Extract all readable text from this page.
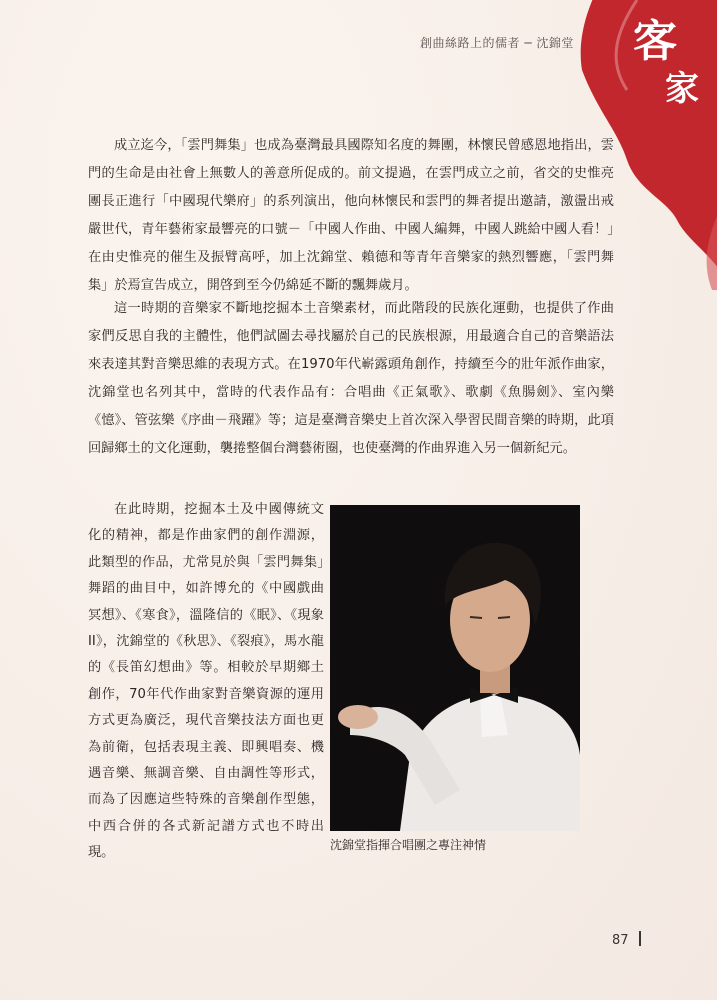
客
家
創曲絲路上的儒者 ─ 沈錦堂

成立迄今，「雲門舞集」也成為臺灣最具國際知名度的舞團，林懷民曾感恩地指出，雲門的生命是由社會上無數人的善意所促成的。前文提過，在雲門成立之前，省交的史惟亮團長正進行「中國現代樂府」的系列演出，他向林懷民和雲門的舞者提出邀請，激盪出戒嚴世代，青年藝術家最響亮的口號－「中國人作曲、中國人編舞，中國人跳給中國人看！」在由史惟亮的催生及振臂高呼，加上沈錦堂、賴德和等青年音樂家的熱烈響應，「雲門舞集」於焉宣告成立，開啓到至今仍綿延不斷的飄舞歲月。

這一時期的音樂家不斷地挖掘本土音樂素材，而此階段的民族化運動，也提供了作曲家們反思自我的主體性，他們試圖去尋找屬於自己的民族根源，用最適合自己的音樂語法來表達其對音樂思維的表現方式。在1970年代嶄露頭角創作，持續至今的壯年派作曲家，沈錦堂也名列其中，當時的代表作品有：合唱曲《正氣歌》、歌劇《魚腸劍》、室內樂《憶》、管弦樂《序曲－飛躍》等；這是臺灣音樂史上首次深入學習民間音樂的時期，此項回歸鄉土的文化運動，襲捲整個台灣藝術圈，也使臺灣的作曲界進入另一個新紀元。

在此時期，挖掘本土及中國傳統文化的精神，都是作曲家們的創作淵源，此類型的作品，尤常見於與「雲門舞集」舞蹈的曲目中，如許博允的《中國戲曲冥想》、《寒食》，溫隆信的《眠》、《現象II》，沈錦堂的《秋思》、《裂痕》，馬水龍的《長笛幻想曲》等。相較於早期鄉土創作，70年代作曲家對音樂資源的運用方式更為廣泛，現代音樂技法方面也更為前衛，包括表現主義、即興唱奏、機遇音樂、無調音樂、自由調性等形式，而為了因應這些特殊的音樂創作型態，中西合併的各式新記譜方式也不時出現。

沈錦堂指揮合唱團之專注神情
87
